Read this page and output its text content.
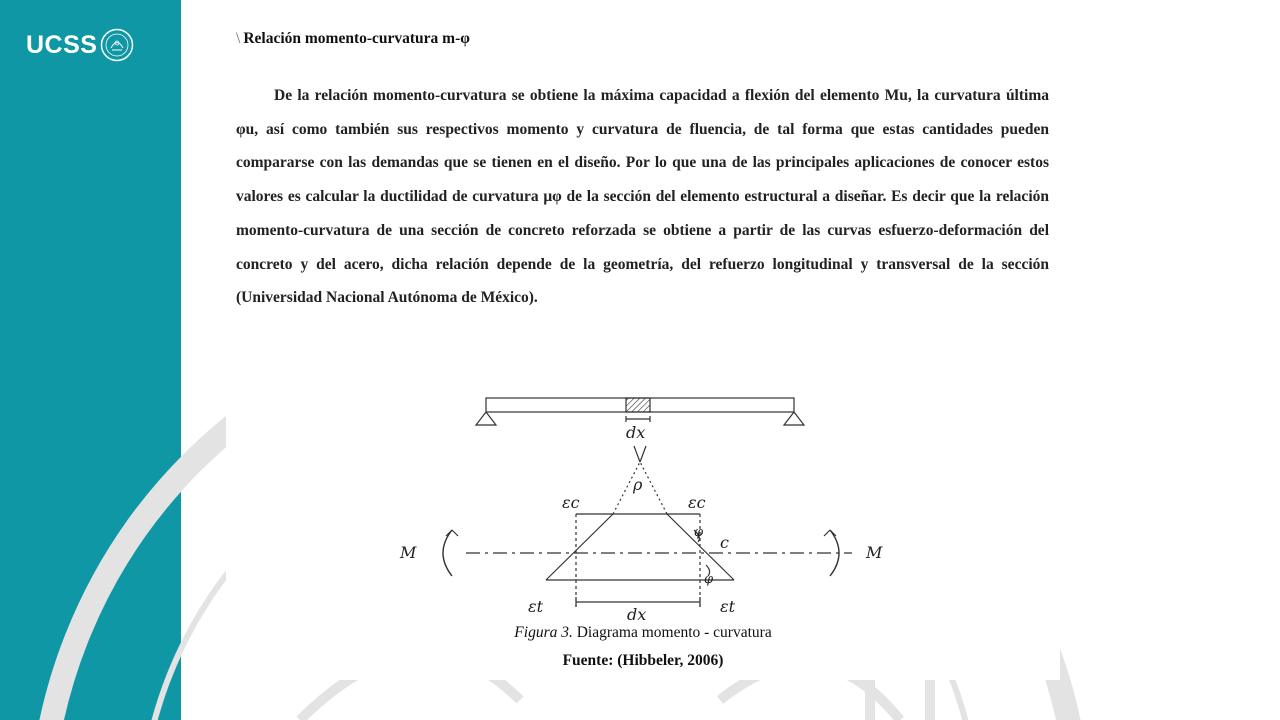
UCSS	\ Relación momento-curvatura m-φ

De la relación momento-curvatura se obtiene la máxima capacidad a flexión del elemento Mu, la curvatura última φu, así como también sus respectivos momento y curvatura de fluencia, de tal forma que estas cantidades pueden compararse con las demandas que se tienen en el diseño. Por lo que una de las principales aplicaciones de conocer estos valores es calcular la ductilidad de curvatura μφ de la sección del elemento estructural a diseñar. Es decir que la relación momento-curvatura de una sección de concreto reforzada se obtiene a partir de las curvas esfuerzo-deformación del concreto y del acero, dicha relación depende de la geometría, del refuerzo longitudinal y transversal de la sección (Universidad Nacional Autónoma de México).

dx
ρ
εc	εc
M	M
c
φ
φ
εt	εt
dx
Figura 3. Diagrama momento - curvatura
Fuente: (Hibbeler, 2006)
